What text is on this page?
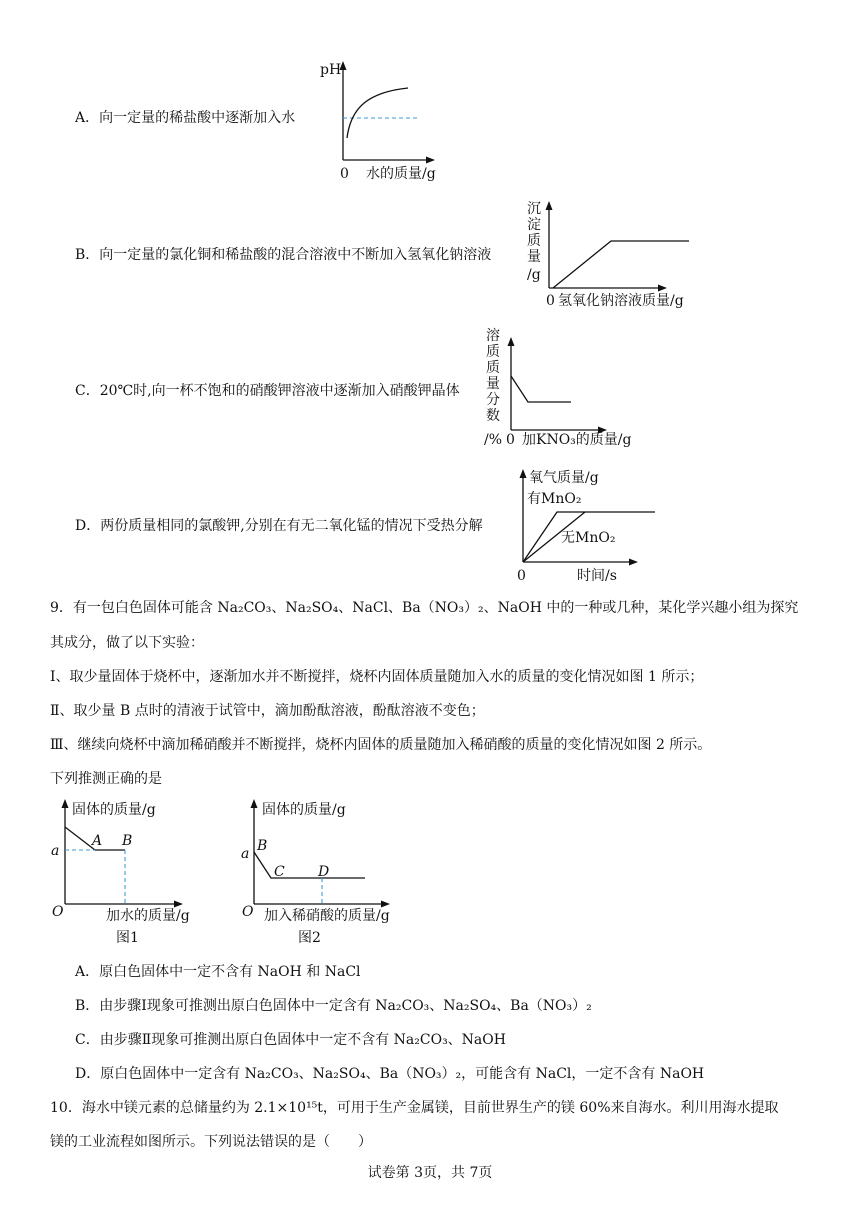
A．向一定量的稀盐酸中逐渐加入水
pH
0 水的质量/g
B．向一定量的氯化铜和稀盐酸的混合溶液中不断加入氢氧化钠溶液
沉
淀
质
量
/g
0 氢氧化钠溶液质量/g
C．20℃时,向一杯不饱和的硝酸钾溶液中逐渐加入硝酸钾晶体
溶
质
质
量
分
数
/% 0 加KNO₃的质量/g
D．两份质量相同的氯酸钾,分别在有无二氧化锰的情况下受热分解
氧气质量/g
有MnO₂
无MnO₂
0	时间/s
9．有一包白色固体可能含 Na₂CO₃、Na₂SO₄、NaCl、Ba（NO₃）₂、NaOH 中的一种或几种，某化学兴趣小组为探究
其成分，做了以下实验：
Ⅰ、取少量固体于烧杯中，逐渐加水并不断搅拌，烧杯内固体质量随加入水的质量的变化情况如图 1 所示；
Ⅱ、取少量 B 点时的清液于试管中，滴加酚酞溶液，酚酞溶液不变色；
Ⅲ、继续向烧杯中滴加稀硝酸并不断搅拌，烧杯内固体的质量随加入稀硝酸的质量的变化情况如图 2 所示。
下列推测正确的是
固体的质量/g
a
A B
O	加水的质量/g
图1
固体的质量/g
a B
C D
O 加入稀硝酸的质量/g
图2
A．原白色固体中一定不含有 NaOH 和 NaCl
B．由步骤Ⅰ现象可推测出原白色固体中一定含有 Na₂CO₃、Na₂SO₄、Ba（NO₃）₂
C．由步骤Ⅱ现象可推测出原白色固体中一定不含有 Na₂CO₃、NaOH
D．原白色固体中一定含有 Na₂CO₃、Na₂SO₄、Ba（NO₃）₂，可能含有 NaCl，一定不含有 NaOH
10．海水中镁元素的总储量约为 2.1×10¹⁵t，可用于生产金属镁，目前世界生产的镁 60%来自海水。利川用海水提取
镁的工业流程如图所示。下列说法错误的是（　　）
试卷第 3页，共 7页
